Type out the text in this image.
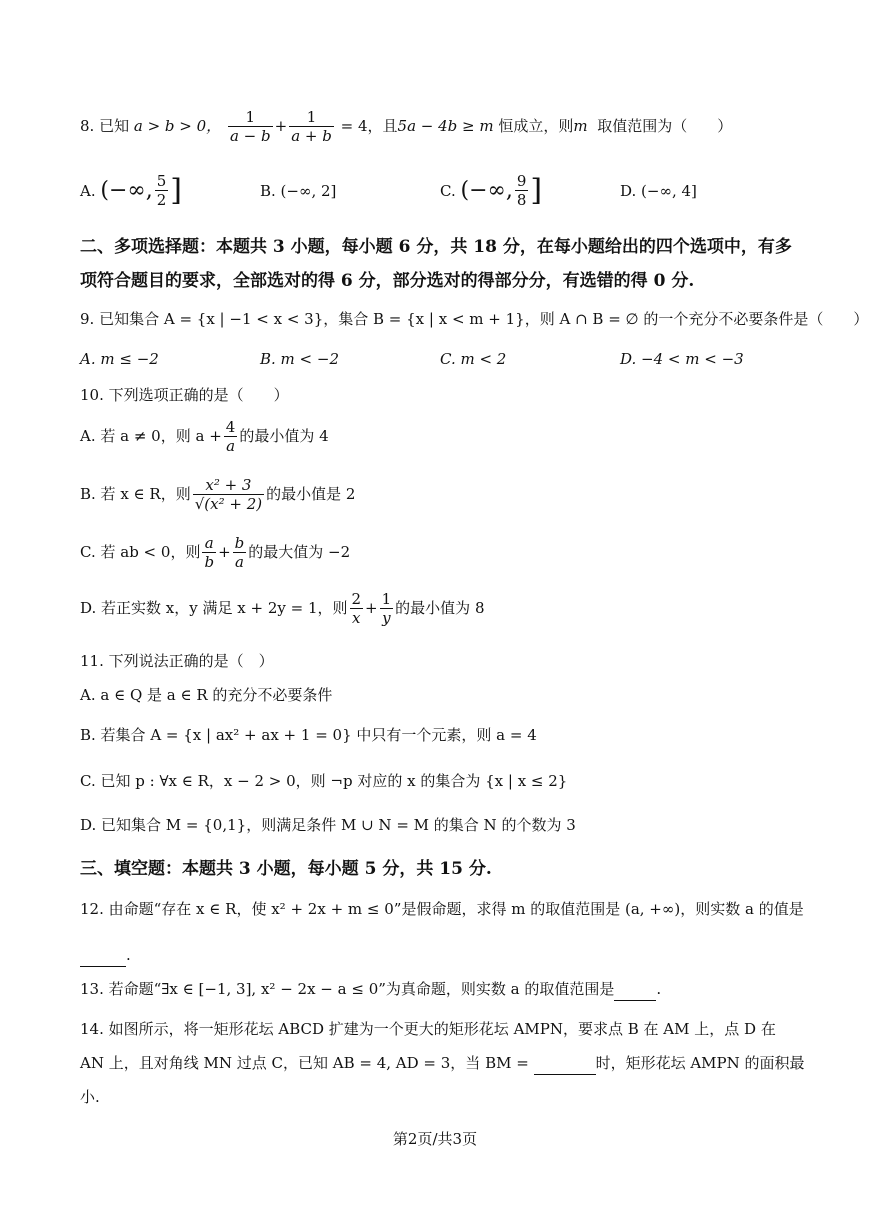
8. 已知
a > b > 0，
$\frac{1}{a - b} + \frac{1}{a + b}$
= 4，且 5a − 4b ≥ m
恒成立，则 m
取值范围为（　　）
A.
(−∞, $\frac{5}{2}$ ]	B. (−∞, 2]	C.
(−∞, $\frac{9}{8}$ ]	D. (−∞, 4]
二、多项选择题：本题共 3 小题，每小题 6 分，共 18 分，在每小题给出的四个选项中，有多
项符合题目的要求，全部选对的得 6 分，部分选对的得部分分，有选错的得 0 分.
9. 已知集合 A = {x | −1 < x < 3}，集合 B = {x | x < m + 1}，则 A ∩ B = ∅ 的一个充分不必要条件是（　　）
A. m ≤ −2	B. m < −2	C. m < 2	D. −4 < m < −3
10. 下列选项正确的是（　　）
A. 若 a ≠ 0，则 $a + \frac{4}{a}$ 的最小值为 4
B. 若 x ∈ R，则 $\frac{\text{x² + 3}}{\text{√(x² + 2)}}$ 的最小值是 2
C. 若 ab < 0，则 $\frac{a}{b} + \frac{b}{a}$ 的最大值为 −2
D. 若正实数 x，y 满足 x + 2y = 1，则 $\frac{2}{x} + \frac{1}{y}$ 的最小值为 8
11. 下列说法正确的是（　）
A. a ∈ Q 是 a ∈ R 的充分不必要条件
B. 若集合 A = {x | ax² + ax + 1 = 0} 中只有一个元素，则 a = 4
C. 已知 p : ∀x ∈ R，x − 2 > 0，则 ¬p 对应的 x 的集合为 {x | x ≤ 2}
D. 已知集合 M = {0,1}，则满足条件 M ∪ N = M 的集合 N 的个数为 3
三、填空题：本题共 3 小题，每小题 5 分，共 15 分.
12. 由命题“存在 x ∈ R，使 x² + 2x + m ≤ 0”是假命题，求得 m 的取值范围是 (a, +∞)，则实数 a 的值是
.
13. 若命题“∃x ∈ [−1, 3], x² − 2x − a ≤ 0”为真命题，则实数 a 的取值范围是	.
14. 如图所示，将一矩形花坛 ABCD 扩建为一个更大的矩形花坛 AMPN，要求点 B 在 AM 上，点 D 在
AN 上，且对角线 MN 过点 C，已知 AB = 4, AD = 3，当 BM =	时，矩形花坛 AMPN 的面积最
小.
第2页/共3页
